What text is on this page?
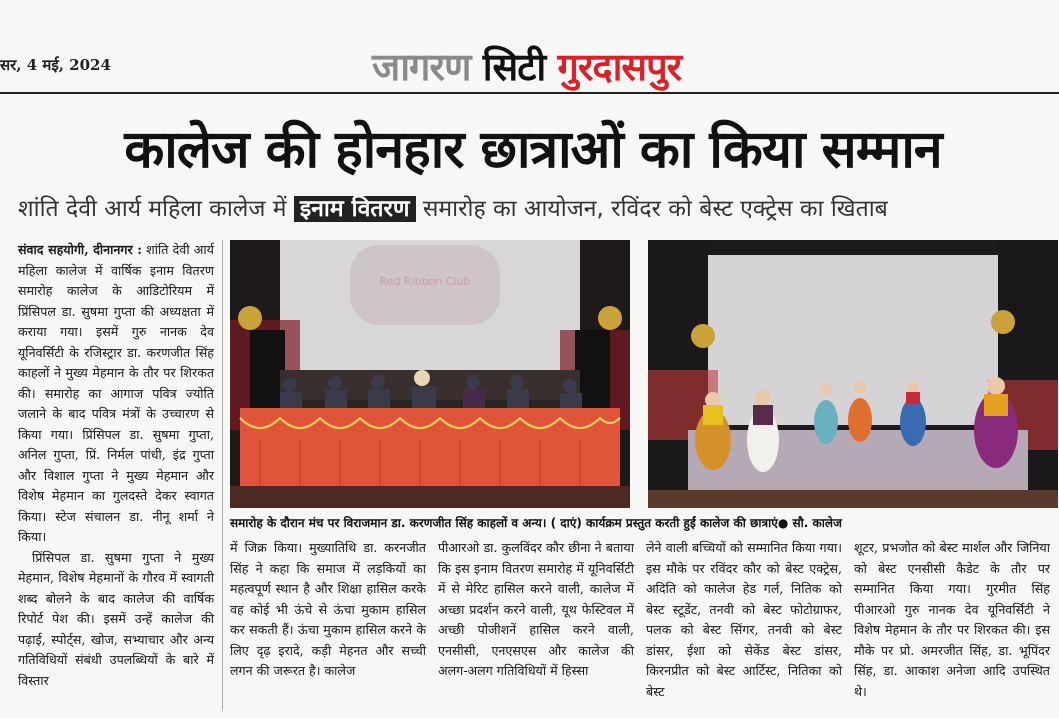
सर, 4 मई, 2024	जागरण सिटी गुरदासपुर
कालेज की होनहार छात्राओं का किया सम्मान
शांति देवी आर्य महिला कालेज में इनाम वितरण समारोह का आयोजन, रविंदर को बेस्ट एक्ट्रेस का खिताब

संवाद सहयोगी, दीनानगर : शांति देवी आर्य महिला कालेज में वार्षिक इनाम वितरण समारोह कालेज के आडिटोरियम में प्रिंसिपल डा. सुषमा गुप्ता की अध्यक्षता में कराया गया। इसमें गुरु नानक देव यूनिवर्सिटी के रजिस्ट्रार डा. करणजीत सिंह काहलों ने मुख्य मेहमान के तौर पर शिरकत की। समारोह का आगाज पवित्र ज्योति जलाने के बाद पवित्र मंत्रों के उच्चारण से किया गया। प्रिंसिपल डा. सुषमा गुप्ता, अनिल गुप्ता, प्रिं. निर्मल पांधी, इंद्र गुप्ता और विशाल गुप्ता ने मुख्य मेहमान और विशेष मेहमान का गुलदस्ते देकर स्वागत किया। स्टेज संचालन डा. नीनू शर्मा ने किया।

प्रिंसिपल डा. सुषमा गुप्ता ने मुख्य मेहमान, विशेष मेहमानों के गौरव में स्वागती शब्द बोलने के बाद कालेज की वार्षिक रिपोर्ट पेश की। इसमें उन्हें कालेज की पढ़ाई, स्पोर्ट्स, खोज, सभ्याचार और अन्य गतिविधियों संबंधी उपलब्धियों के बारे में विस्तार

Red Ribbon Club
समारोह के दौरान मंच पर विराजमान डा. करणजीत सिंह काहलों व अन्य। ( दाएं) कार्यक्रम प्रस्तुत करती हुईं कालेज की छात्राएं● सौ. कालेज
में जिक्र किया। मुख्यातिथि डा. करनजीत सिंह ने कहा कि समाज में लड़कियों का महत्वपूर्ण स्थान है और शिक्षा हासिल करके वह कोई भी ऊंचे से ऊंचा मुकाम हासिल कर सकती हैं। ऊंचा मुकाम हासिल करने के लिए दृढ़ इरादे, कड़ी मेहनत और सच्ची लगन की जरूरत है। कालेज
पीआरओ डा. कुलविंदर कौर छीना ने बताया कि इस इनाम वितरण समारोह में यूनिवर्सिटी में से मेरिट हासिल करने वाली, कालेज में अच्छा प्रदर्शन करने वाली, यूथ फेस्टिवल में अच्छी पोजीशनें हासिल करने वाली, एनसीसी, एनएसएस और कालेज की अलग-अलग गतिविधियों में हिस्सा
लेने वाली बच्चियों को सम्मानित किया गया। इस मौके पर रविंदर कौर को बेस्ट एक्ट्रेस, अदिति को कालेज हेड गर्ल, नितिक को बेस्ट स्टूडेंट, तनवी को बेस्ट फोटोग्राफर, पलक को बेस्ट सिंगर, तनवी को बेस्ट डांसर, ईशा को सेकेंड बेस्ट डांसर, किरनप्रीत को बेस्ट आर्टिस्ट, नितिका को बेस्ट
शूटर, प्रभजोत को बेस्ट मार्शल और जिनिया को बेस्ट एनसीसी कैडेट के तौर पर सम्मानित किया गया। गुरमीत सिंह पीआरओ गुरु नानक देव यूनिवर्सिटी ने विशेष मेहमान के तौर पर शिरकत की। इस मौके पर प्रो. अमरजीत सिंह, डा. भूपिंदर सिंह, डा. आकाश अनेजा आदि उपस्थित थे।
